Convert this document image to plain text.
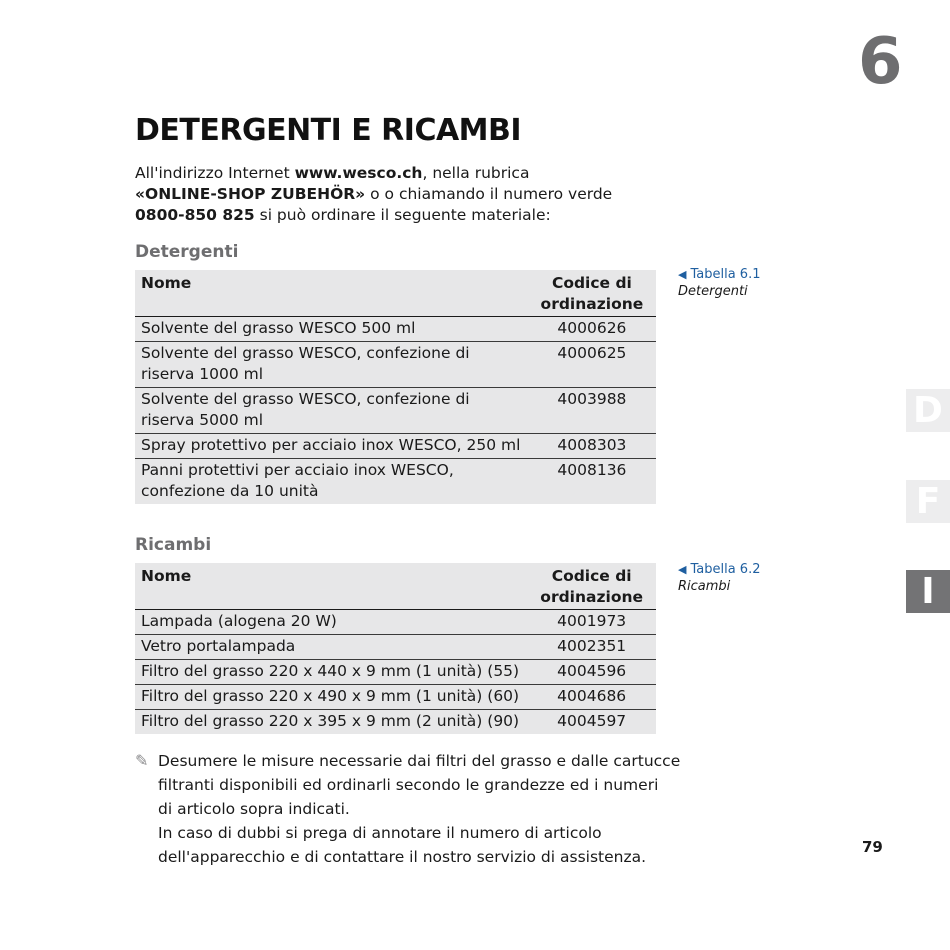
6
DETERGENTI E RICAMBI

All'indirizzo Internet www.wesco.ch, nella rubrica
«ONLINE-SHOP ZUBEHÖR» o o chiamando il numero verde
0800-850 825 si può ordinare il seguente materiale:

Detergenti
Nome	Codice di
ordinazione
Solvente del grasso WESCO 500 ml	4000626
Solvente del grasso WESCO, confezione di
riserva 1000 ml	4000625
Solvente del grasso WESCO, confezione di
riserva 5000 ml	4003988
Spray protettivo per acciaio inox WESCO, 250 ml	4008303
Panni protettivi per acciaio inox WESCO,
confezione da 10 unità	4008136
◀ Tabella 6.1
Detergenti
Ricambi
Nome	Codice di
ordinazione
Lampada (alogena 20 W)	4001973
Vetro portalampada	4002351
Filtro del grasso 220 x 440 x 9 mm (1 unità) (55)	4004596
Filtro del grasso 220 x 490 x 9 mm (1 unità) (60)	4004686
Filtro del grasso 220 x 395 x 9 mm (2 unità) (90)	4004597
◀ Tabella 6.2
Ricambi
✎ Desumere le misure necessarie dai filtri del grasso e dalle cartucce
filtranti disponibili ed ordinarli secondo le grandezze ed i numeri
di articolo sopra indicati.
In caso di dubbi si prega di annotare il numero di articolo
dell'apparecchio e di contattare il nostro servizio di assistenza.
D
F
I
79
